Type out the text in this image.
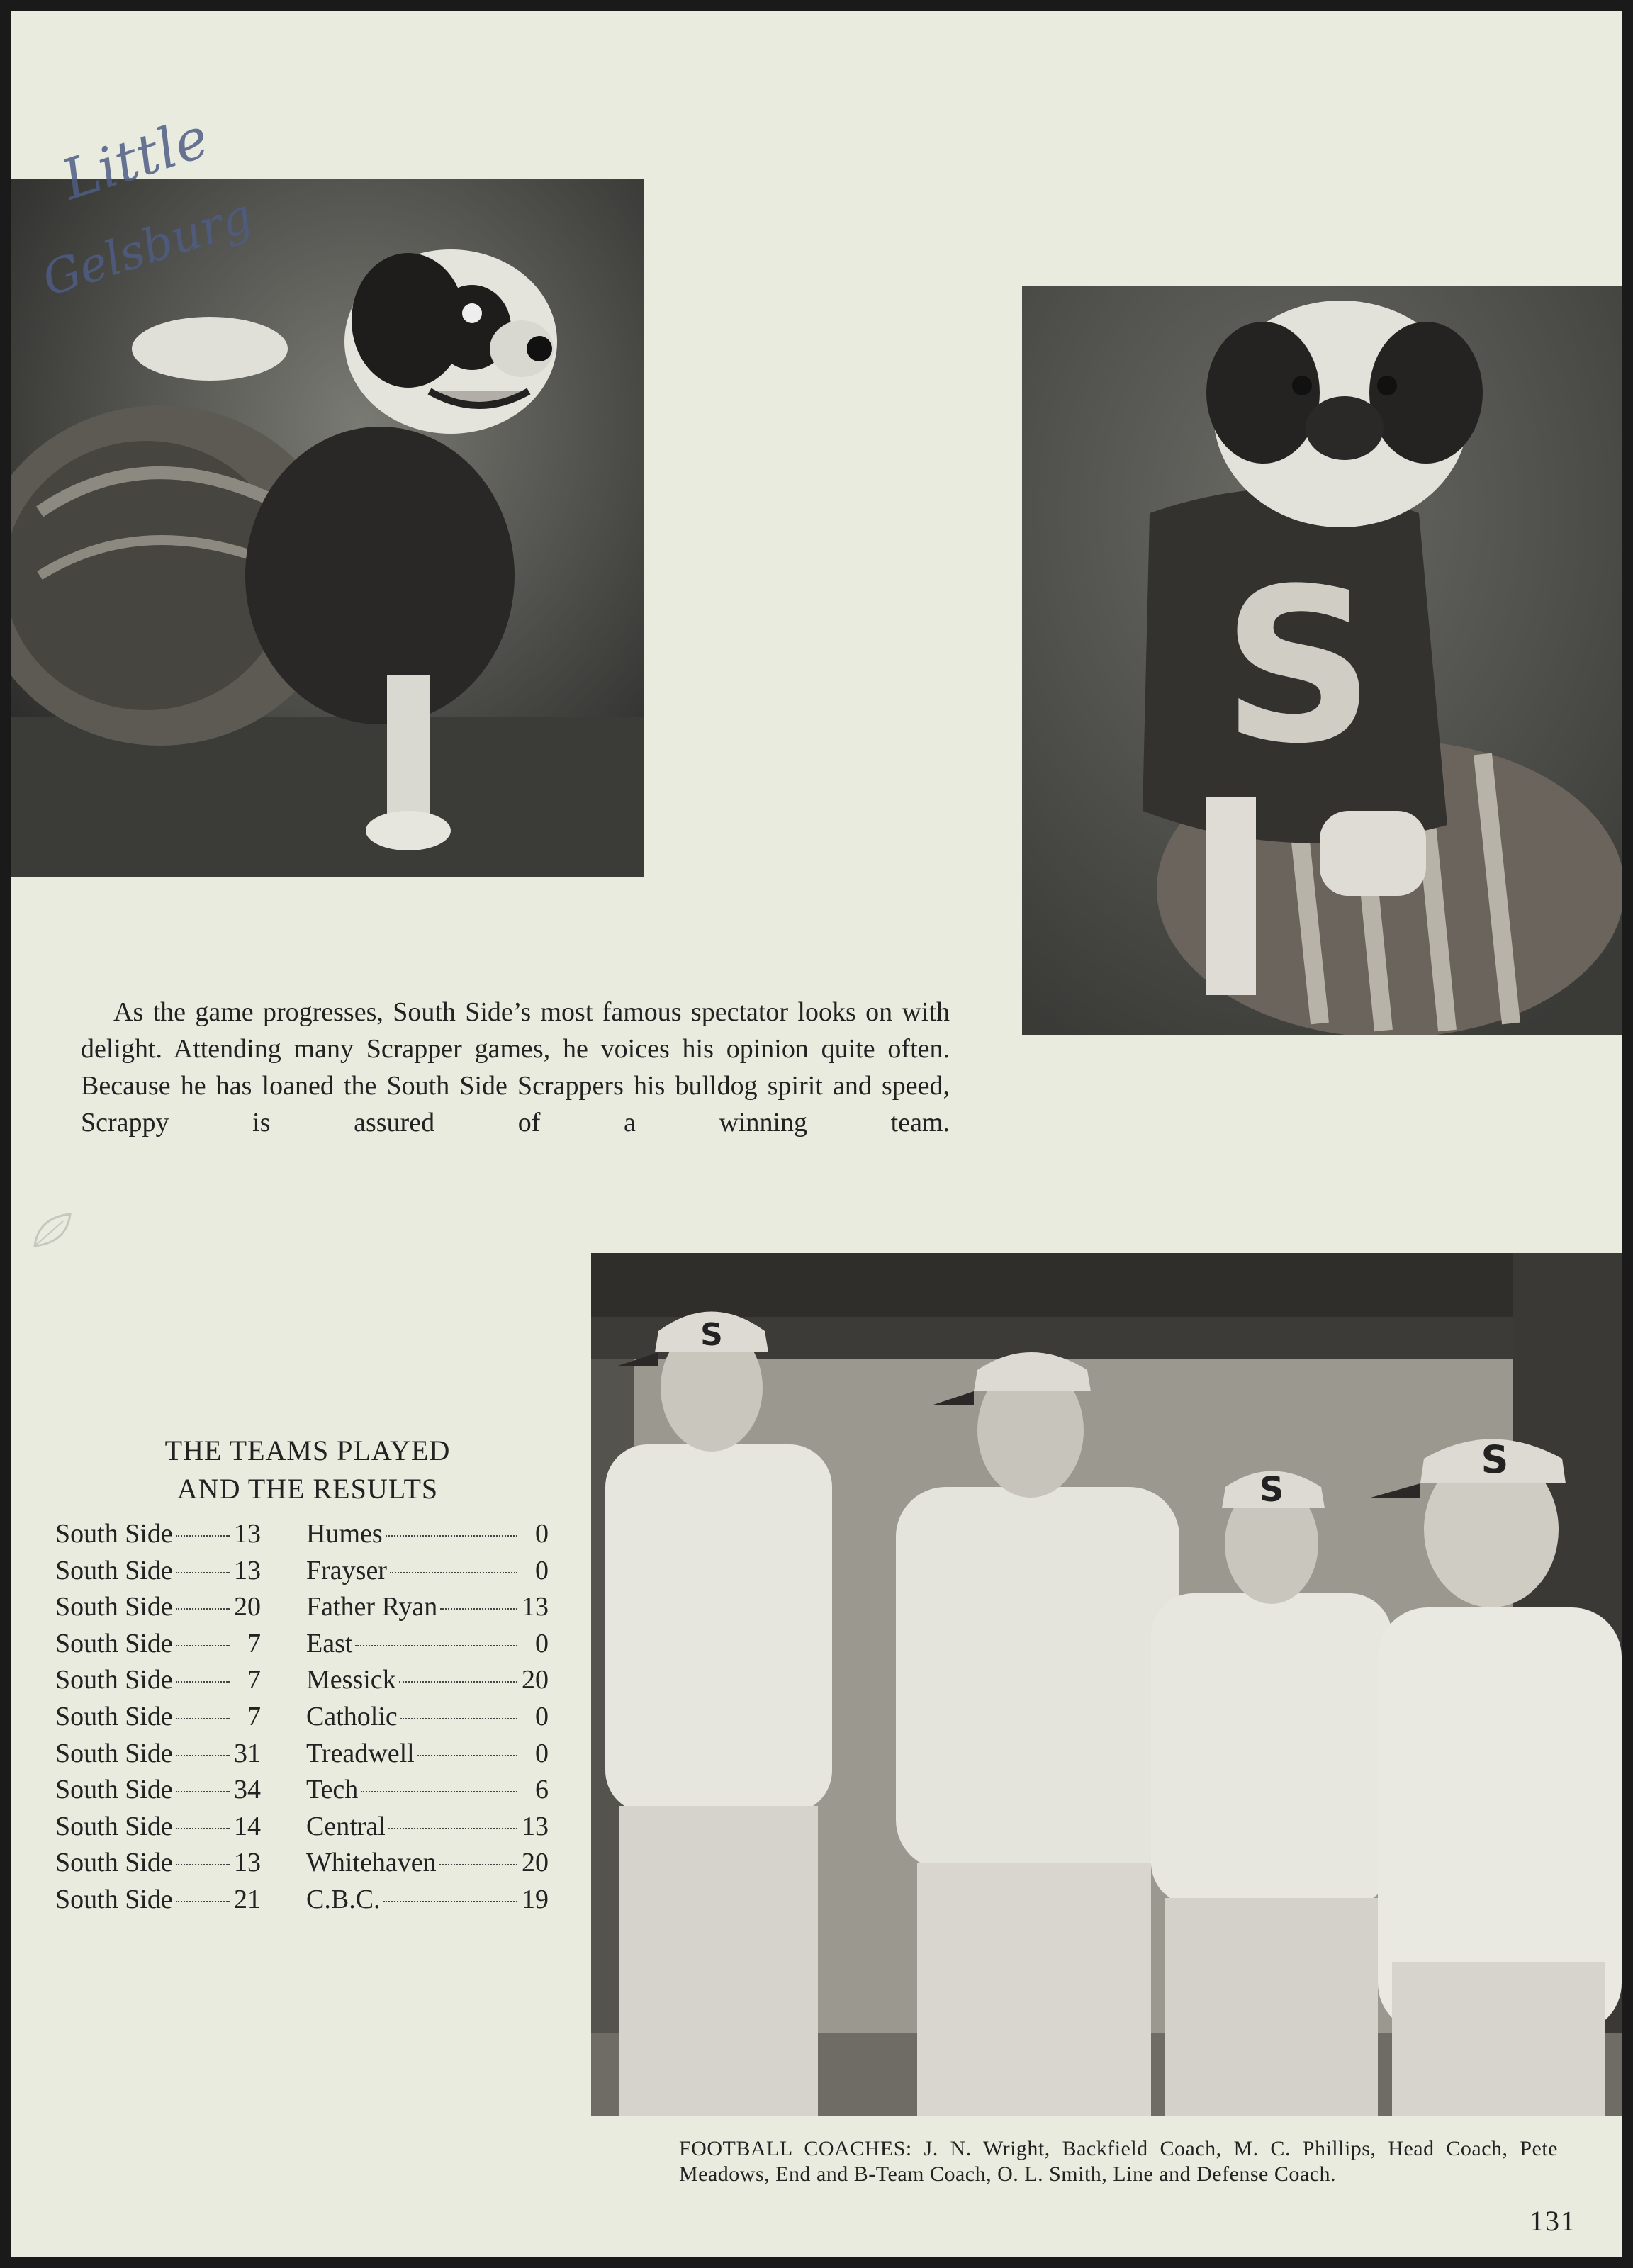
Little
Gelsburg
S

As the game progresses, South Side’s most famous spectator looks on with delight. Attending many Scrapper games, he voices his opinion quite often. Because he has loaned the South Side Scrappers his bulldog spirit and speed, Scrappy is assured of a winning team.

THE TEAMS PLAYED
AND THE RESULTS
South Side 13 Humes	0
South Side 13 Frayser	0
South Side 20 Father Ryan	13
South Side	7 East	0
South Side	7 Messick	20
South Side	7 Catholic	0
South Side 31 Treadwell	0
South Side 34 Tech	6
South Side 14 Central	13
South Side 13 Whitehaven	20
South Side 21 C.B.C.	19
S
S
S
FOOTBALL COACHES: J. N. Wright, Backfield Coach, M. C. Phillips, Head Coach, Pete Meadows, End and B-Team Coach, O. L. Smith, Line and Defense Coach.
131
